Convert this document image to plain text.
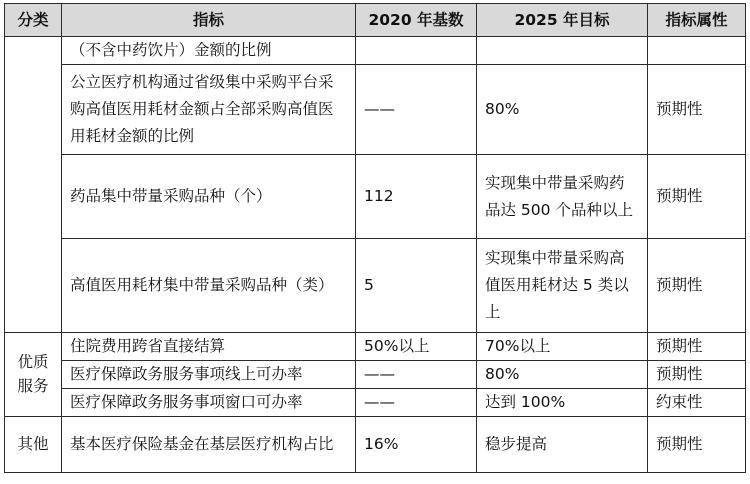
分类	指标	2020 年基数	2025 年目标	指标属性
	（不含中药饮片）金额的比例			
	公立医疗机构通过省级集中采购平台采购高值医用耗材金额占全部采购高值医用耗材金额的比例	——	80%	预期性
	药品集中带量采购品种（个）	112	实现集中带量采购药品达 500 个品种以上	预期性
	高值医用耗材集中带量采购品种（类）	5	实现集中带量采购高值医用耗材达 5 类以上	预期性
优质服务	住院费用跨省直接结算	50%以上	70%以上	预期性
	医疗保障政务服务事项线上可办率	——	80%	预期性
	医疗保障政务服务事项窗口可办率	——	达到 100%	约束性
其他	基本医疗保险基金在基层医疗机构占比	16%	稳步提高	预期性
